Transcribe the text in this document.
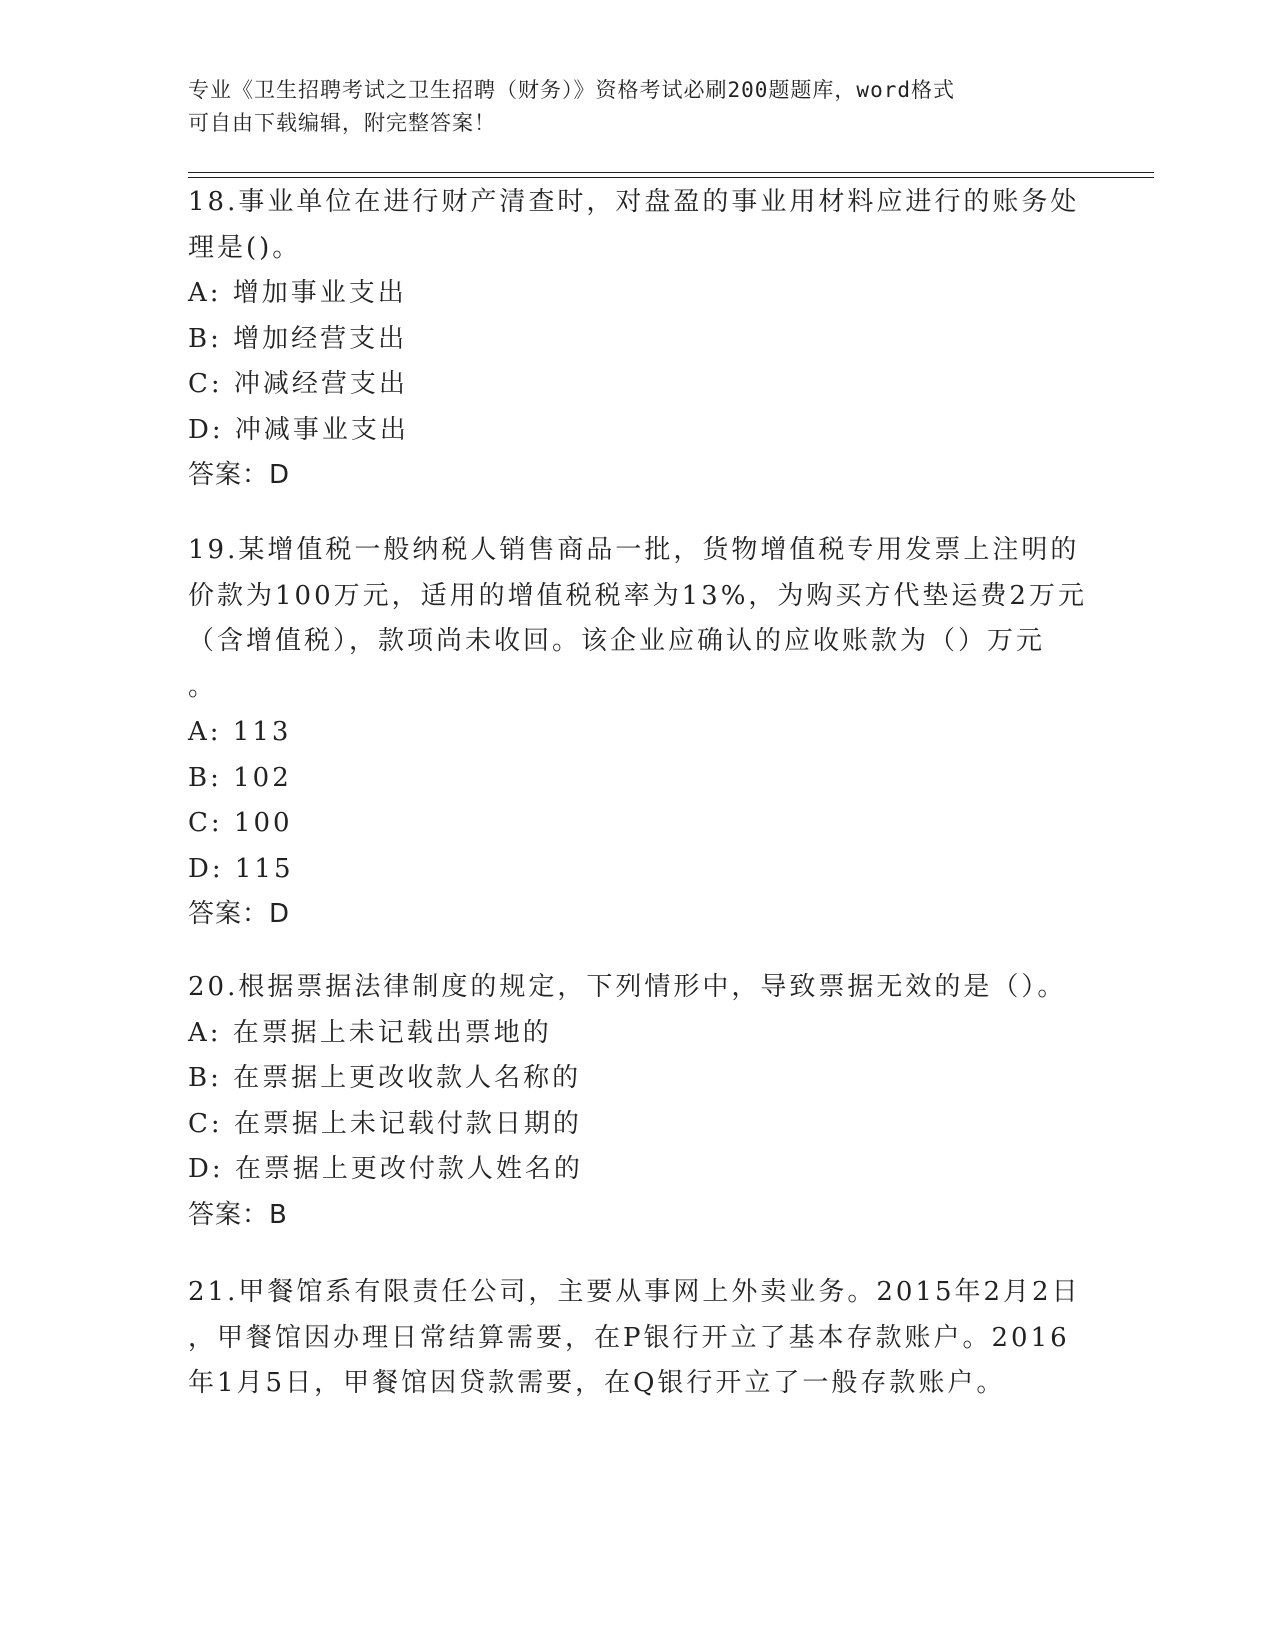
专业《卫生招聘考试之卫生招聘（财务）》资格考试必刷200题题库，word格式
可自由下载编辑，附完整答案！
18.事业单位在进行财产清查时，对盘盈的事业用材料应进行的账务处
理是()。
A: 增加事业支出
B: 增加经营支出
C: 冲减经营支出
D: 冲减事业支出
答案：D
19.某增值税一般纳税人销售商品一批，货物增值税专用发票上注明的
价款为100万元，适用的增值税税率为13%，为购买方代垫运费2万元
（含增值税），款项尚未收回。该企业应确认的应收账款为（）万元
。
A: 113
B: 102
C: 100
D: 115
答案：D
20.根据票据法律制度的规定，下列情形中，导致票据无效的是（）。
A: 在票据上未记载出票地的
B: 在票据上更改收款人名称的
C: 在票据上未记载付款日期的
D: 在票据上更改付款人姓名的
答案：B
21.甲餐馆系有限责任公司，主要从事网上外卖业务。2015年2月2日
，甲餐馆因办理日常结算需要，在P银行开立了基本存款账户。2016
年1月5日，甲餐馆因贷款需要，在Q银行开立了一般存款账户。
